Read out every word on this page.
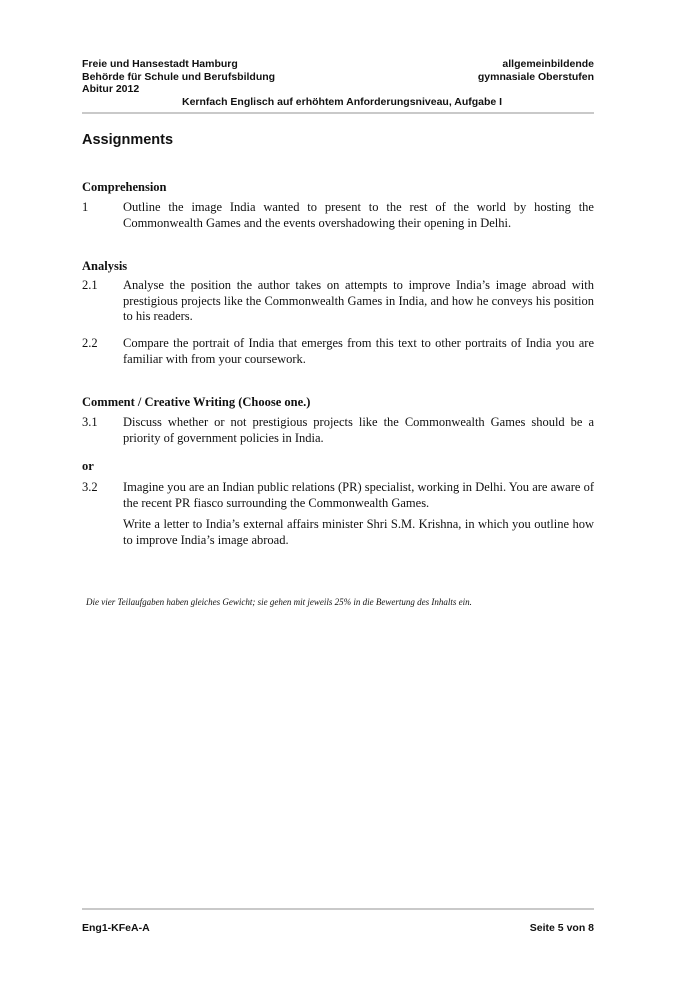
Freie und Hansestadt Hamburg
Behörde für Schule und Berufsbildung
Abitur 2012
allgemeinbildende
gymnasiale Oberstufen
Kernfach Englisch auf erhöhtem Anforderungsniveau, Aufgabe I
Assignments
Comprehension
1	Outline the image India wanted to present to the rest of the world by hosting the Commonwealth Games and the events overshadowing their opening in Delhi.
Analysis
2.1 Analyse the position the author takes on attempts to improve India’s image abroad with prestigious projects like the Commonwealth Games in India, and how he conveys his position to his readers.
2.2 Compare the portrait of India that emerges from this text to other portraits of India you are familiar with from your coursework.
Comment / Creative Writing (Choose one.)
3.1 Discuss whether or not prestigious projects like the Commonwealth Games should be a priority of government policies in India.
or
3.2 Imagine you are an Indian public relations (PR) specialist, working in Delhi. You are aware of the recent PR fiasco surrounding the Commonwealth Games.
Write a letter to India’s external affairs minister Shri S.M. Krishna, in which you outline how to improve India’s image abroad.
Die vier Teilaufgaben haben gleiches Gewicht; sie gehen mit jeweils 25% in die Bewertung des Inhalts ein.
Eng1-KFeA-A	Seite 5 von 8
